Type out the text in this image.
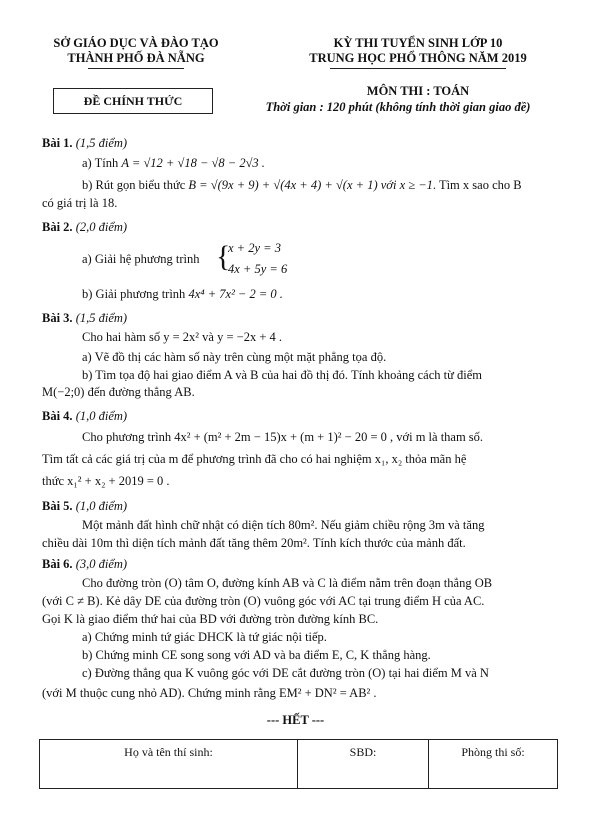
SỞ GIÁO DỤC VÀ ĐÀO TẠO
THÀNH PHỐ ĐÀ NẴNG
KỲ THI TUYỂN SINH LỚP 10
TRUNG HỌC PHỔ THÔNG NĂM 2019
ĐỀ CHÍNH THỨC
MÔN THI : TOÁN
Thời gian : 120 phút (không tính thời gian giao đề)
Bài 1. (1,5 điểm)
a) Tính A = √12 + √18 − √8 − 2√3 .
b) Rút gọn biểu thức B = √(9x + 9) + √(4x + 4) + √(x + 1) với x ≥ −1. Tìm x sao cho B
có giá trị là 18.
Bài 2. (2,0 điểm)
a) Giải hệ phương trình {
x + 2y = 3
4x + 5y = 6
b) Giải phương trình 4x⁴ + 7x² − 2 = 0 .
Bài 3. (1,5 điểm)
Cho hai hàm số y = 2x² và y = −2x + 4 .
a) Vẽ đồ thị các hàm số này trên cùng một mặt phẳng tọa độ.
b) Tìm tọa độ hai giao điểm A và B của hai đồ thị đó. Tính khoảng cách từ điểm
M(−2;0) đến đường thẳng AB.
Bài 4. (1,0 điểm)
Cho phương trình 4x² + (m² + 2m − 15)x + (m + 1)² − 20 = 0 , với m là tham số.
Tìm tất cả các giá trị của m để phương trình đã cho có hai nghiệm x₁, x₂ thỏa mãn hệ
thức x₁² + x₂ + 2019 = 0 .
Bài 5. (1,0 điểm)
Một mảnh đất hình chữ nhật có diện tích 80m². Nếu giảm chiều rộng 3m và tăng
chiều dài 10m thì diện tích mảnh đất tăng thêm 20m². Tính kích thước của mảnh đất.
Bài 6. (3,0 điểm)
Cho đường tròn (O) tâm O, đường kính AB và C là điểm nằm trên đoạn thẳng OB
(với C ≠ B). Kẻ dây DE của đường tròn (O) vuông góc với AC tại trung điểm H của AC.
Gọi K là giao điểm thứ hai của BD với đường tròn đường kính BC.
a) Chứng minh tứ giác DHCK là tứ giác nội tiếp.
b) Chứng minh CE song song với AD và ba điểm E, C, K thẳng hàng.
c) Đường thẳng qua K vuông góc với DE cắt đường tròn (O) tại hai điểm M và N
(với M thuộc cung nhỏ AD). Chứng minh rằng EM² + DN² = AB² .
--- HẾT ---
Họ và tên thí sinh:	SBD:	Phòng thi số:
